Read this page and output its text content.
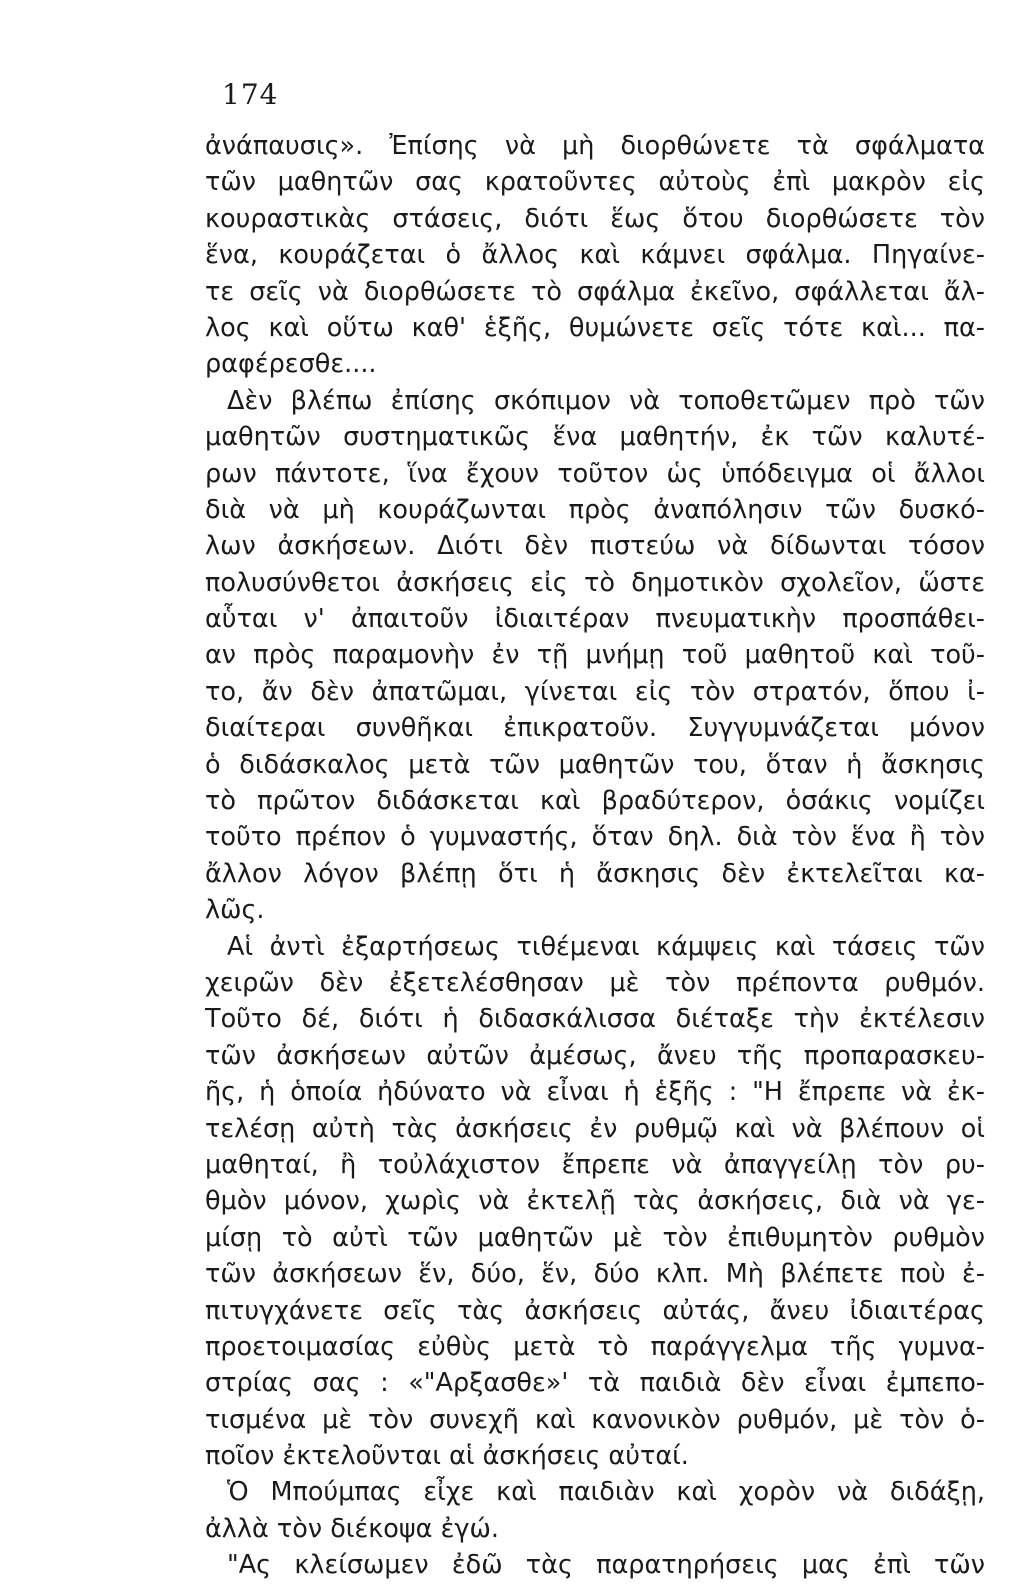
174
ἀνάπαυσις». Ἐπίσης νὰ μὴ διορθώνετε τὰ σφάλματα
τῶν μαθητῶν σας κρατοῦντες αὐτοὺς ἐπὶ μακρὸν εἰς
κουραστικὰς στάσεις, διότι ἕως ὅτου διορθώσετε τὸν
ἕνα, κουράζεται ὁ ἄλλος καὶ κάμνει σφάλμα. Πηγαίνε-
τε σεῖς νὰ διορθώσετε τὸ σφάλμα ἐκεῖνο, σφάλλεται ἄλ-
λος καὶ οὕτω καθ' ἑξῆς, θυμώνετε σεῖς τότε καὶ... πα-
ραφέρεσθε....
Δὲν βλέπω ἐπίσης σκόπιμον νὰ τοποθετῶμεν πρὸ τῶν
μαθητῶν συστηματικῶς ἕνα μαθητήν, ἐκ τῶν καλυτέ-
ρων πάντοτε, ἵνα ἔχουν τοῦτον ὡς ὑπόδειγμα οἱ ἄλλοι
διὰ νὰ μὴ κουράζωνται πρὸς ἀναπόλησιν τῶν δυσκό-
λων ἀσκήσεων. Διότι δὲν πιστεύω νὰ δίδωνται τόσον
πολυσύνθετοι ἀσκήσεις εἰς τὸ δημοτικὸν σχολεῖον, ὥστε
αὗται ν' ἀπαιτοῦν ἰδιαιτέραν πνευματικὴν προσπάθει-
αν πρὸς παραμονὴν ἐν τῇ μνήμῃ τοῦ μαθητοῦ καὶ τοῦ-
το, ἄν δὲν ἀπατῶμαι, γίνεται εἰς τὸν στρατόν, ὅπου ἰ-
διαίτεραι συνθῆκαι ἐπικρατοῦν. Συγγυμνάζεται μόνον
ὁ διδάσκαλος μετὰ τῶν μαθητῶν του, ὅταν ἡ ἄσκησις
τὸ πρῶτον διδάσκεται καὶ βραδύτερον, ὁσάκις νομίζει
τοῦτο πρέπον ὁ γυμναστής, ὅταν δηλ. διὰ τὸν ἕνα ἢ τὸν
ἄλλον λόγον βλέπῃ ὅτι ἡ ἄσκησις δὲν ἐκτελεῖται κα-
λῶς.
Αἱ ἀντὶ ἐξαρτήσεως τιθέμεναι κάμψεις καὶ τάσεις τῶν
χειρῶν δὲν ἐξετελέσθησαν μὲ τὸν πρέποντα ρυθμόν.
Τοῦτο δέ, διότι ἡ διδασκάλισσα διέταξε τὴν ἐκτέλεσιν
τῶν ἀσκήσεων αὐτῶν ἀμέσως, ἄνευ τῆς προπαρασκευ-
ῆς, ἡ ὁποία ἠδύνατο νὰ εἶναι ἡ ἑξῆς : "Η ἔπρεπε νὰ ἐκ-
τελέσῃ αὐτὴ τὰς ἀσκήσεις ἐν ρυθμῷ καὶ νὰ βλέπουν οἱ
μαθηταί, ἢ τοὐλάχιστον ἔπρεπε νὰ ἀπαγγείλῃ τὸν ρυ-
θμὸν μόνον, χωρὶς νὰ ἐκτελῇ τὰς ἀσκήσεις, διὰ νὰ γε-
μίσῃ τὸ αὐτὶ τῶν μαθητῶν μὲ τὸν ἐπιθυμητὸν ρυθμὸν
τῶν ἀσκήσεων ἕν, δύο, ἕν, δύο κλπ. Μὴ βλέπετε ποὺ ἐ-
πιτυγχάνετε σεῖς τὰς ἀσκήσεις αὐτάς, ἄνευ ἰδιαιτέρας
προετοιμασίας εὐθὺς μετὰ τὸ παράγγελμα τῆς γυμνα-
στρίας σας : «"Αρξασθε»' τὰ παιδιὰ δὲν εἶναι ἐμπεπο-
τισμένα μὲ τὸν συνεχῆ καὶ κανονικὸν ρυθμόν, μὲ τὸν ὁ-
ποῖον ἐκτελοῦνται αἱ ἀσκήσεις αὐταί.
Ὁ Μπούμπας εἶχε καὶ παιδιὰν καὶ χορὸν νὰ διδάξῃ,
ἀλλὰ τὸν διέκοψα ἐγώ.
"Ας κλείσωμεν ἐδῶ τὰς παρατηρήσεις μας ἐπὶ τῶν
